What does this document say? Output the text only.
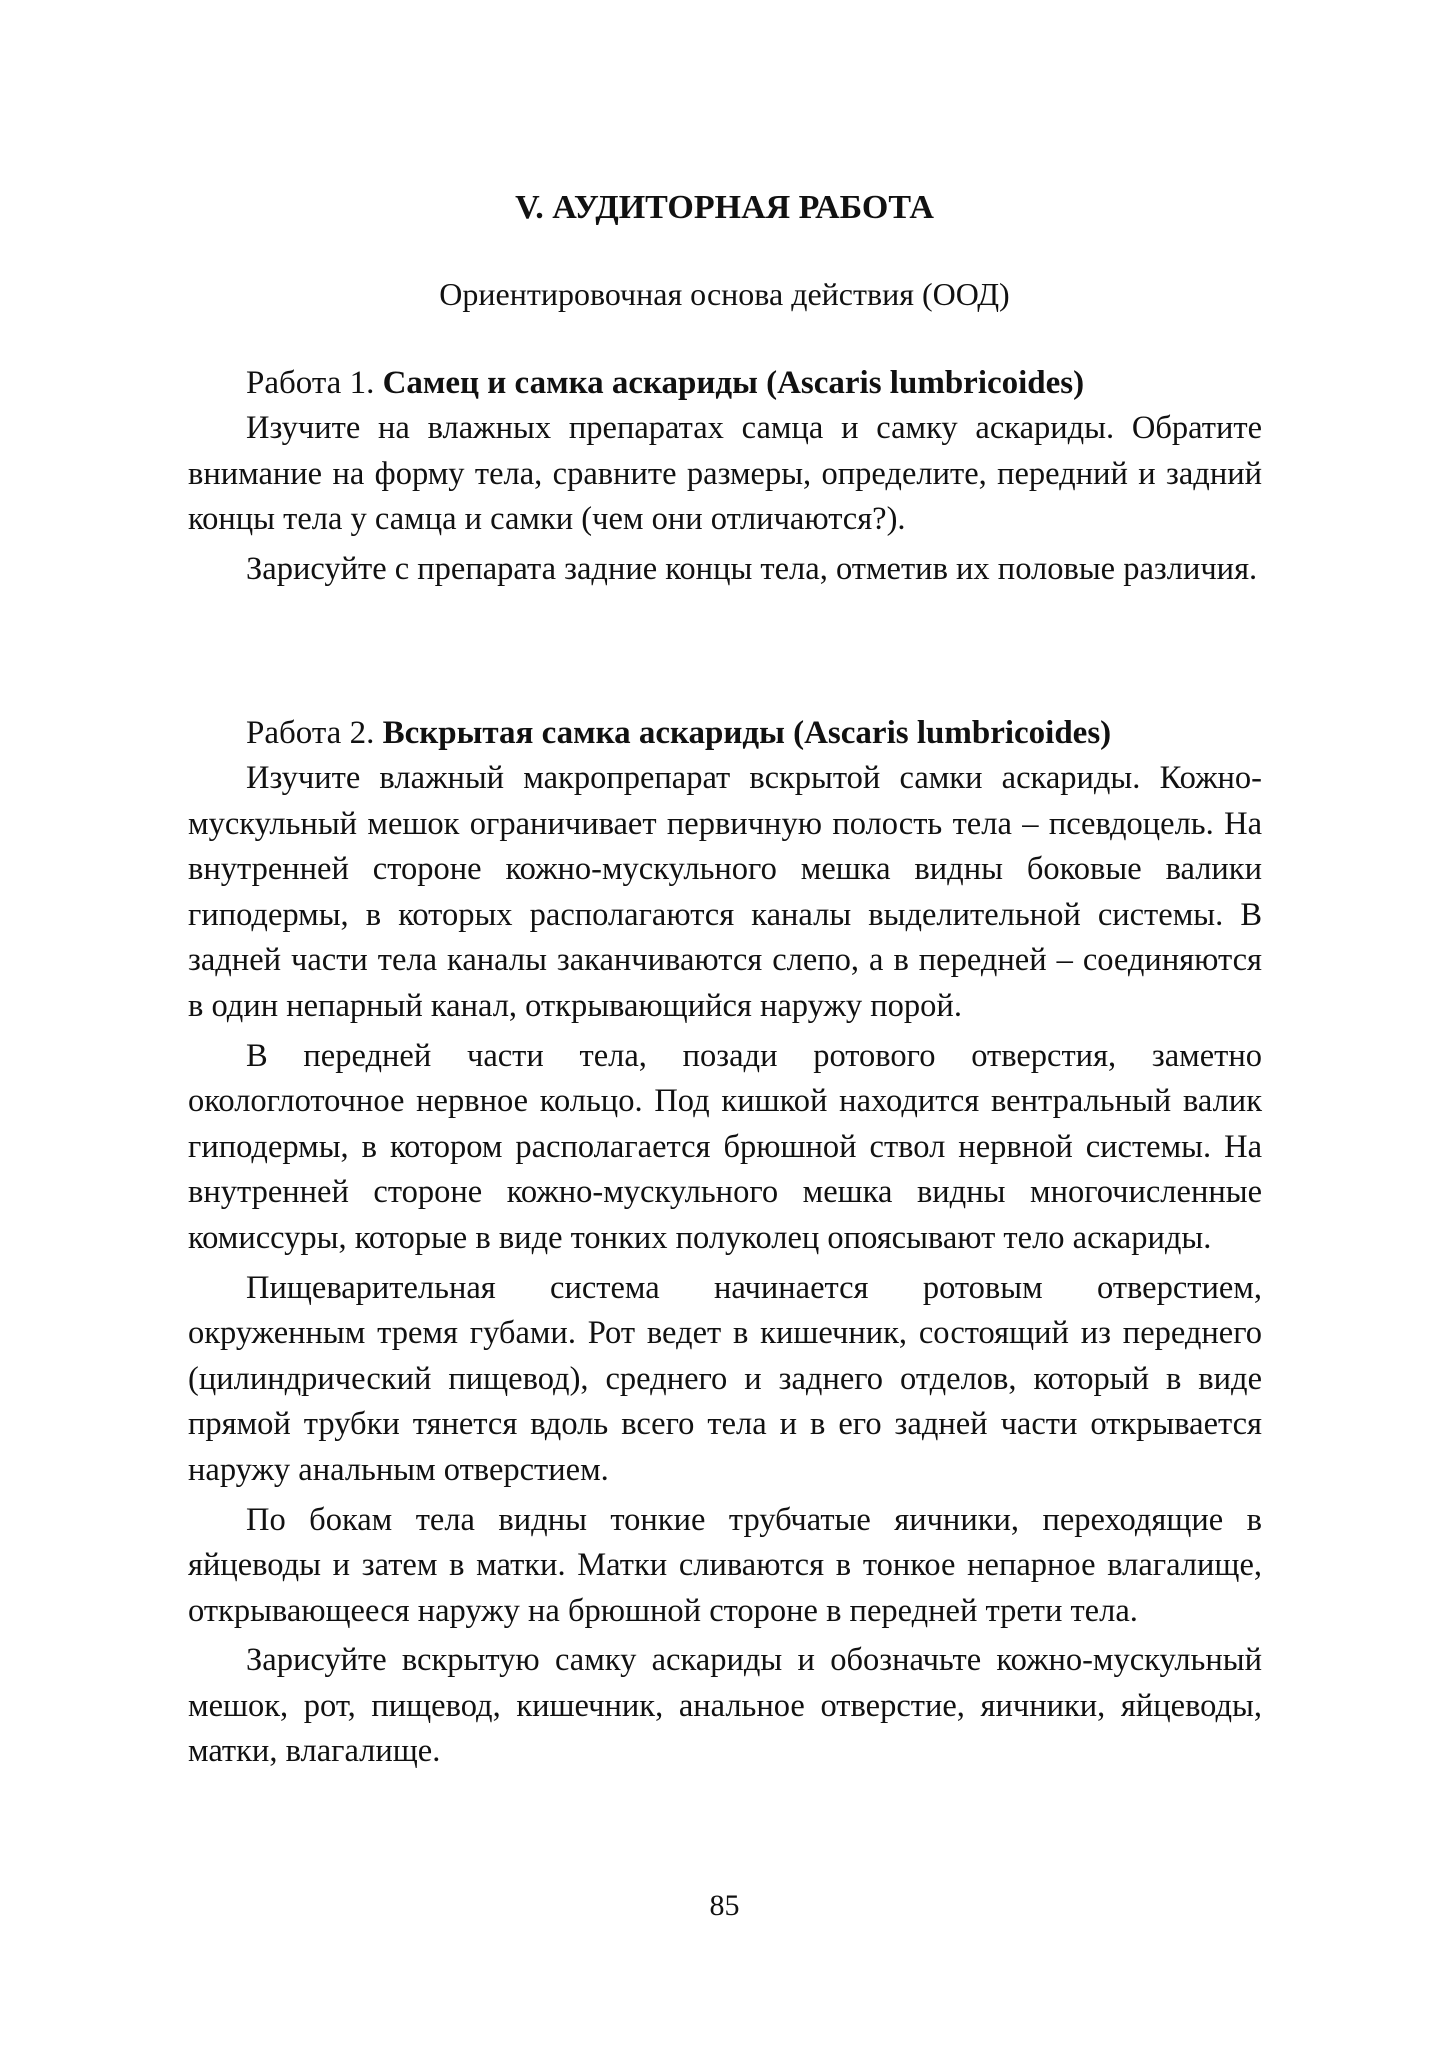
V. АУДИТОРНАЯ РАБОТА
Ориентировочная основа действия (ООД)
Работа 1. Самец и самка аскариды (Ascaris lumbricoides)

Изучите на влажных препаратах самца и самку аскариды. Обратите внимание на форму тела, сравните размеры, определите, передний и задний концы тела у самца и самки (чем они отличаются?).

Зарисуйте с препарата задние концы тела, отметив их половые различия.

Работа 2. Вскрытая самка аскариды (Ascaris lumbricoides)

Изучите влажный макропрепарат вскрытой самки аскариды. Кожно-мускульный мешок ограничивает первичную полость тела – псевдоцель. На внутренней стороне кожно-мускульного мешка видны боковые валики гиподермы, в которых располагаются каналы выделительной системы. В задней части тела каналы заканчиваются слепо, а в передней – соединяются в один непарный канал, открывающийся наружу порой.

В передней части тела, позади ротового отверстия, заметно окологлоточное нервное кольцо. Под кишкой находится вентральный валик гиподермы, в котором располагается брюшной ствол нервной системы. На внутренней стороне кожно-мускульного мешка видны многочисленные комиссуры, которые в виде тонких полуколец опоясывают тело аскариды.

Пищеварительная система начинается ротовым отверстием, окруженным тремя губами. Рот ведет в кишечник, состоящий из переднего (цилиндрический пищевод), среднего и заднего отделов, который в виде прямой трубки тянется вдоль всего тела и в его задней части открывается наружу анальным отверстием.

По бокам тела видны тонкие трубчатые яичники, переходящие в яйцеводы и затем в матки. Матки сливаются в тонкое непарное влагалище, открывающееся наружу на брюшной стороне в передней трети тела.

Зарисуйте вскрытую самку аскариды и обозначьте кожно-мускульный мешок, рот, пищевод, кишечник, анальное отверстие, яичники, яйцеводы, матки, влагалище.

85
